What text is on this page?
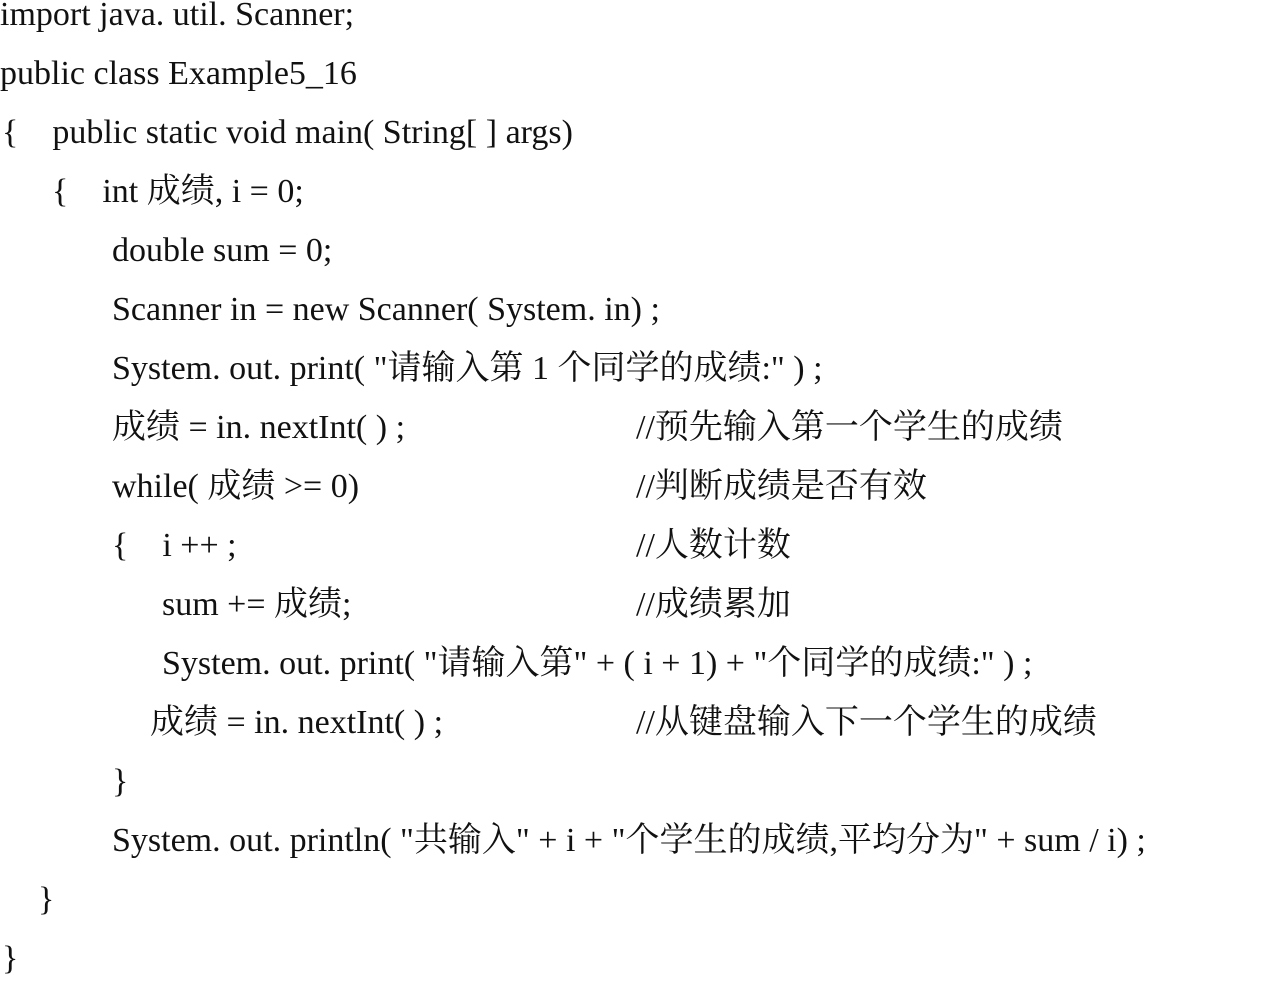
import java. util. Scanner;
public class Example5_16
{    public static void main( String[ ] args)
{    int 成绩, i = 0;
double sum = 0;
Scanner in = new Scanner( System. in) ;
System. out. print( "请输入第 1 个同学的成绩:" ) ;
成绩 = in. nextInt( ) ;	//预先输入第一个学生的成绩
while( 成绩 >= 0)	//判断成绩是否有效
{    i ++ ;	//人数计数
sum += 成绩;	//成绩累加
System. out. print( "请输入第" + ( i + 1) + "个同学的成绩:" ) ;
成绩 = in. nextInt( ) ;	//从键盘输入下一个学生的成绩
}
System. out. println( "共输入" + i + "个学生的成绩,平均分为" + sum / i) ;
}
}
